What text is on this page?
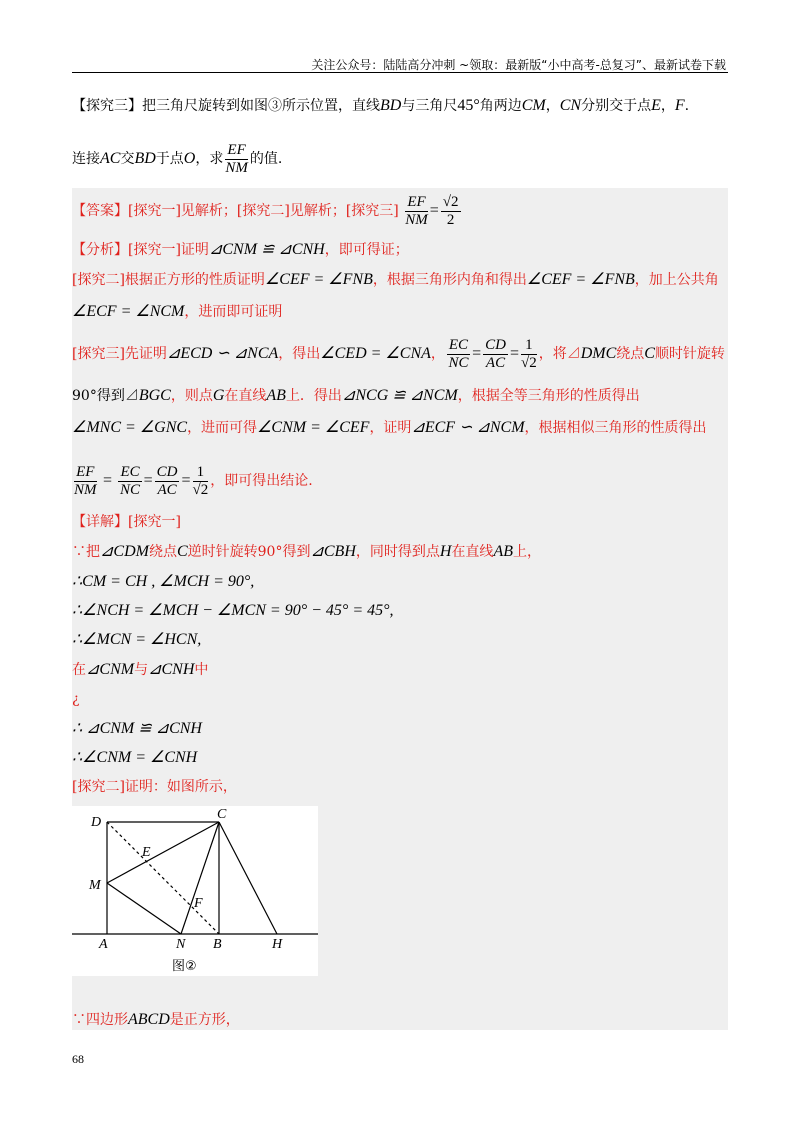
关注公众号：陆陆高分冲刺 ~领取：最新版“小中高考-总复习”、最新试卷下载
【探究三】把三角尺旋转到如图③所示位置，直线BD与三角尺45°角两边CM，CN分别交于点E，F.
连接AC交BD于点O，求 $\frac{EF}{NM}$ 的值.
【答案】[探究一]见解析；[探究二]见解析；[探究三] $\frac{EF}{NM} = \frac{√2}{2}$
【分析】[探究一]证明⊿CNM ≌ ⊿CNH，即可得证；
[探究二]根据正方形的性质证明∠CEF = ∠FNB，根据三角形内角和得出∠CEF = ∠FNB，加上公共角
∠ECF = ∠NCM，进而即可证明
[探究三]先证明⊿ECD ∽ ⊿NCA，得出∠CED = ∠CNA， $\frac{EC}{NC} = \frac{CD}{AC} = \frac{1}{√2}$ ，将⊿DMC绕点C顺时针旋转
90°得到⊿BGC，则点G在直线AB上．得出⊿NCG ≌ ⊿NCM，根据全等三角形的性质得出
∠MNC = ∠GNC，进而可得∠CNM = ∠CEF，证明⊿ECF ∽ ⊿NCM，根据相似三角形的性质得出
$\frac{EF}{NM} = \frac{EC}{NC} = \frac{CD}{AC} = \frac{1}{√2}$ ，即可得出结论.
【详解】[探究一]
∵把⊿CDM绕点C逆时针旋转90°得到⊿CBH，同时得到点H在直线AB上，
∴CM = CH , ∠MCH = 90°,
∴∠NCH = ∠MCH − ∠MCN = 90° − 45° = 45°,
∴∠MCN = ∠HCN,
在⊿CNM与⊿CNH中
¿
∴ ⊿CNM ≌ ⊿CNH
∴∠CNM = ∠CNH
[探究二]证明：如图所示，
D
C
E
M
F
A	N B	H
图②
∵四边形ABCD是正方形，
68
